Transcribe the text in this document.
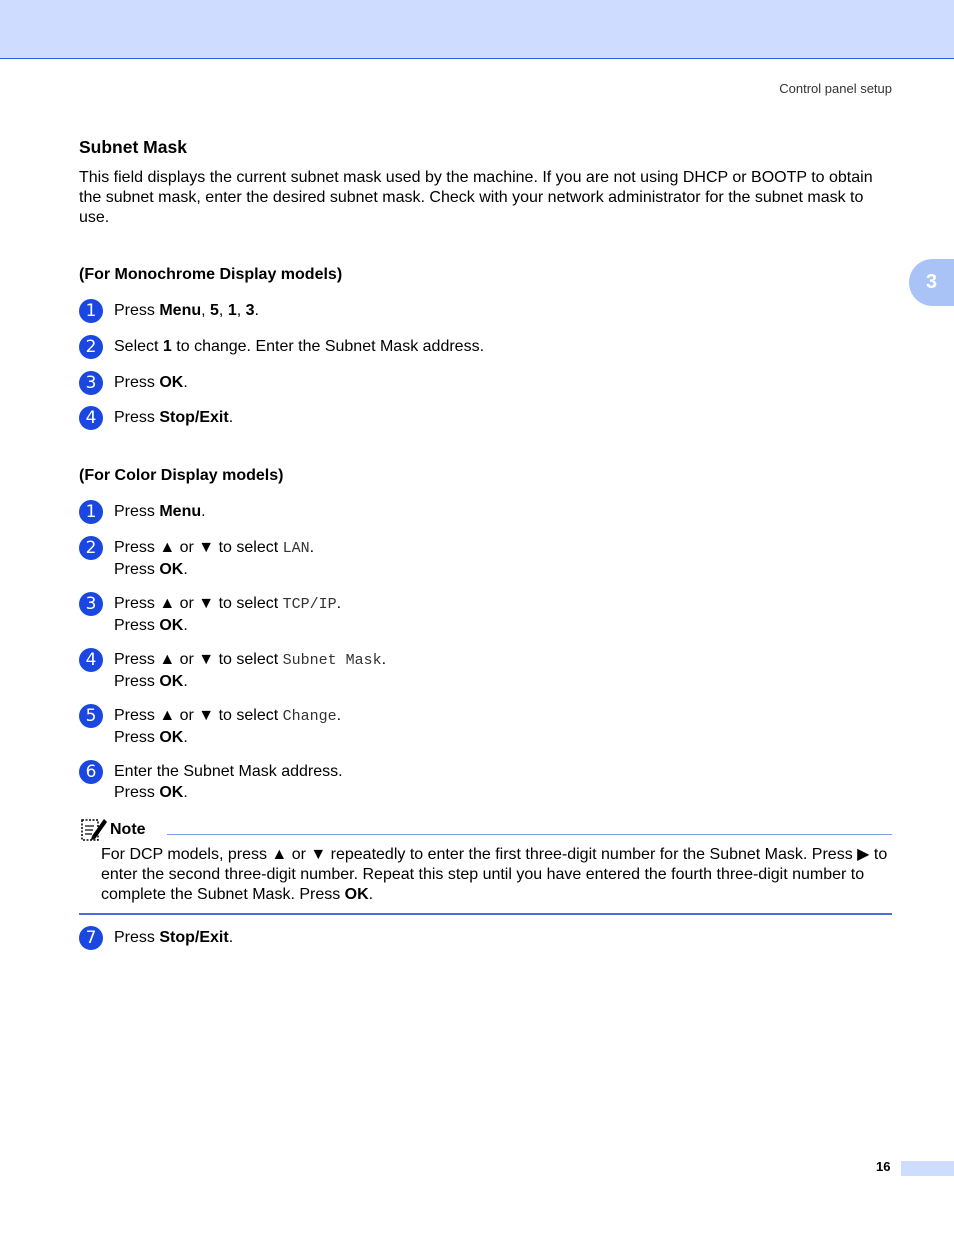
Control panel setup
3
Subnet Mask
This field displays the current subnet mask used by the machine. If you are not using DHCP or BOOTP to obtain the subnet mask, enter the desired subnet mask. Check with your network administrator for the subnet mask to use.
(For Monochrome Display models)
1	Press Menu, 5, 1, 3.
2	Select 1 to change. Enter the Subnet Mask address.
3	Press OK.
4	Press Stop/Exit.
(For Color Display models)
1	Press Menu.
2	Press ▲ or ▼ to select LAN.
Press OK.
3	Press ▲ or ▼ to select TCP/IP.
Press OK.
4	Press ▲ or ▼ to select Subnet Mask.
Press OK.
5	Press ▲ or ▼ to select Change.
Press OK.
6	Enter the Subnet Mask address.
Press OK.
Note
For DCP models, press ▲ or ▼ repeatedly to enter the first three-digit number for the Subnet Mask. Press ▶ to enter the second three-digit number. Repeat this step until you have entered the fourth three-digit number to complete the Subnet Mask. Press OK.
7	Press Stop/Exit.
16
